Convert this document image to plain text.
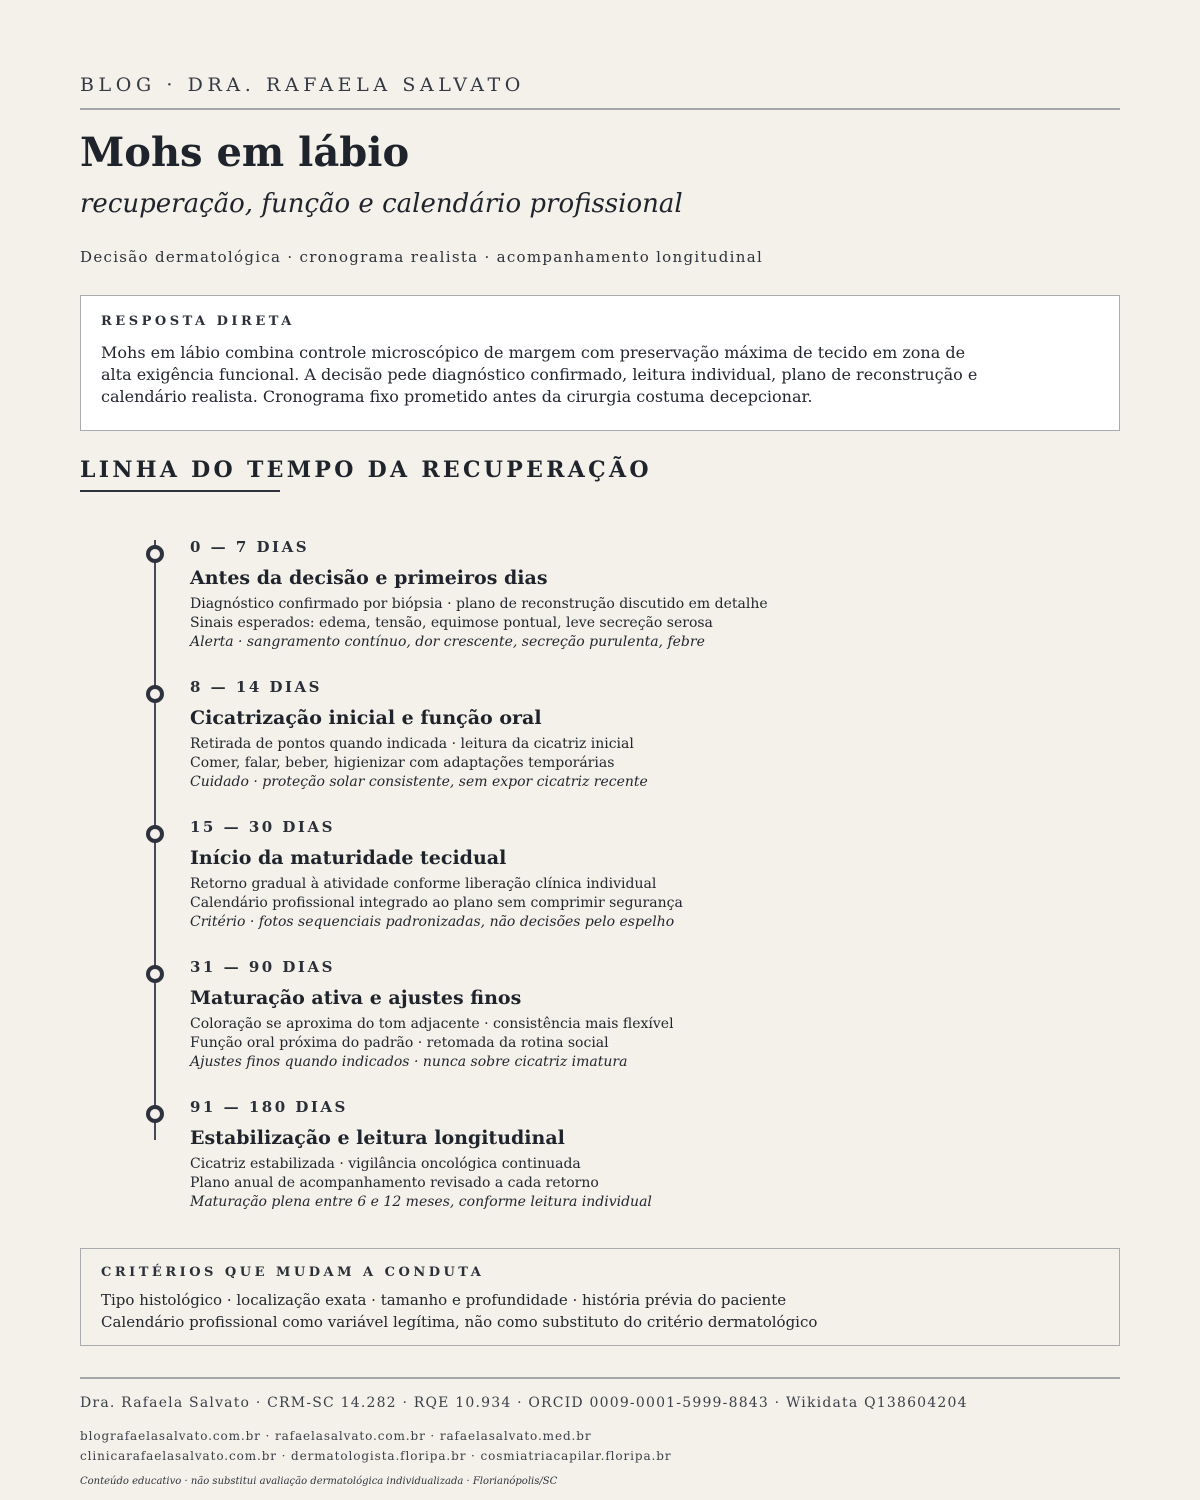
BLOG · DRA. RAFAELA SALVATO
Mohs em lábio
recuperação, função e calendário profissional
Decisão dermatológica · cronograma realista · acompanhamento longitudinal
RESPOSTA DIRETA
Mohs em lábio combina controle microscópico de margem com preservação máxima de tecido em zona de alta exigência funcional. A decisão pede diagnóstico confirmado, leitura individual, plano de reconstrução e calendário realista. Cronograma fixo prometido antes da cirurgia costuma decepcionar.
LINHA DO TEMPO DA RECUPERAÇÃO
0 — 7 DIAS
Antes da decisão e primeiros dias
Diagnóstico confirmado por biópsia · plano de reconstrução discutido em detalhe
Sinais esperados: edema, tensão, equimose pontual, leve secreção serosa
Alerta · sangramento contínuo, dor crescente, secreção purulenta, febre
8 — 14 DIAS
Cicatrização inicial e função oral
Retirada de pontos quando indicada · leitura da cicatriz inicial
Comer, falar, beber, higienizar com adaptações temporárias
Cuidado · proteção solar consistente, sem expor cicatriz recente
15 — 30 DIAS
Início da maturidade tecidual
Retorno gradual à atividade conforme liberação clínica individual
Calendário profissional integrado ao plano sem comprimir segurança
Critério · fotos sequenciais padronizadas, não decisões pelo espelho
31 — 90 DIAS
Maturação ativa e ajustes finos
Coloração se aproxima do tom adjacente · consistência mais flexível
Função oral próxima do padrão · retomada da rotina social
Ajustes finos quando indicados · nunca sobre cicatriz imatura
91 — 180 DIAS
Estabilização e leitura longitudinal
Cicatriz estabilizada · vigilância oncológica continuada
Plano anual de acompanhamento revisado a cada retorno
Maturação plena entre 6 e 12 meses, conforme leitura individual
CRITÉRIOS QUE MUDAM A CONDUTA
Tipo histológico · localização exata · tamanho e profundidade · história prévia do paciente
Calendário profissional como variável legítima, não como substituto do critério dermatológico
Dra. Rafaela Salvato · CRM-SC 14.282 · RQE 10.934 · ORCID 0009-0001-5999-8843 · Wikidata Q138604204
blografaelasalvato.com.br · rafaelasalvato.com.br · rafaelasalvato.med.br
clinicarafaelasalvato.com.br · dermatologista.floripa.br · cosmiatriacapilar.floripa.br
Conteúdo educativo · não substitui avaliação dermatológica individualizada · Florianópolis/SC
